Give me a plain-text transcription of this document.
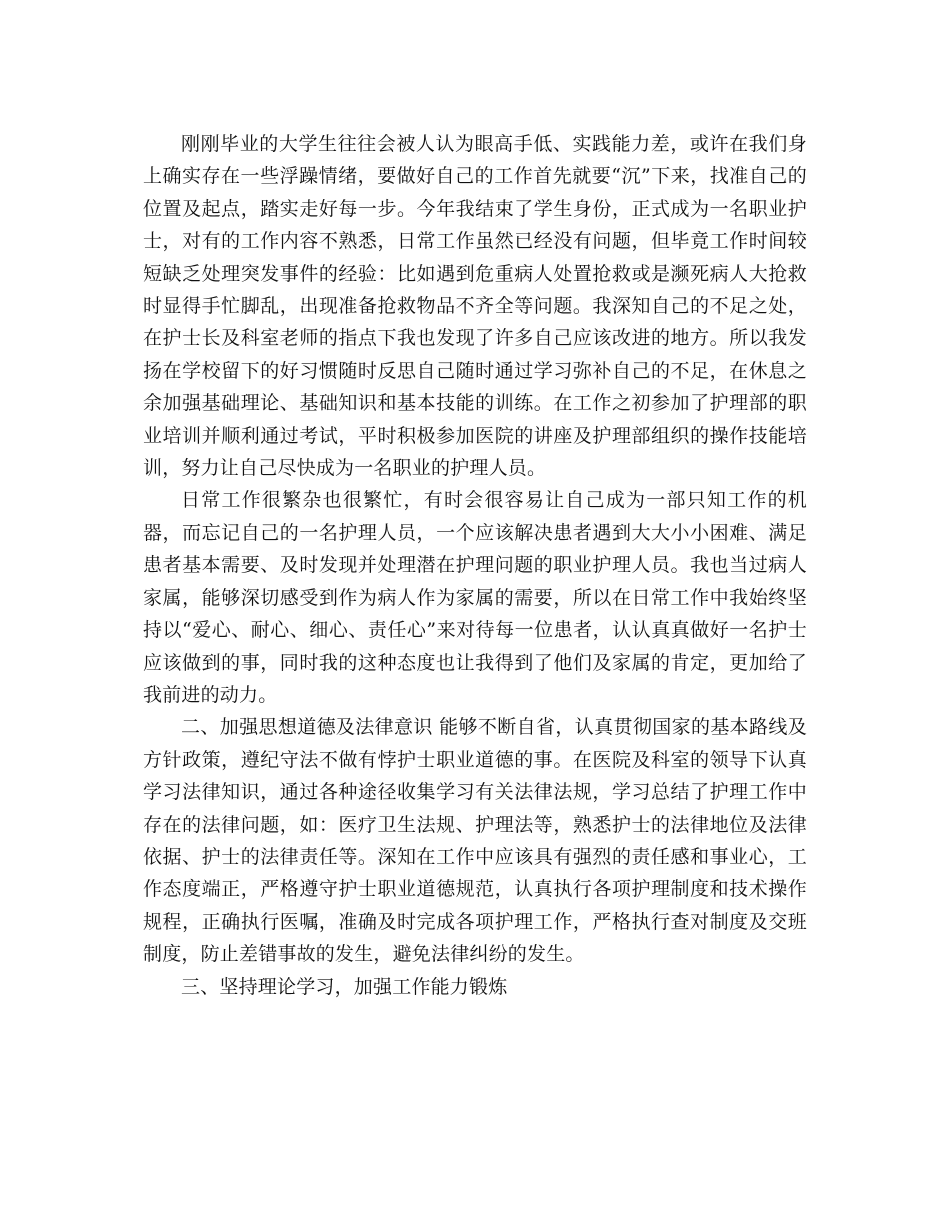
刚刚毕业的大学生往往会被人认为眼高手低、实践能力差，或许在我们身上确实存在一些浮躁情绪，要做好自己的工作首先就要“沉”下来，找准自己的位置及起点，踏实走好每一步。今年我结束了学生身份，正式成为一名职业护士，对有的工作内容不熟悉，日常工作虽然已经没有问题，但毕竟工作时间较短缺乏处理突发事件的经验：比如遇到危重病人处置抢救或是濒死病人大抢救时显得手忙脚乱，出现准备抢救物品不齐全等问题。我深知自己的不足之处，在护士长及科室老师的指点下我也发现了许多自己应该改进的地方。所以我发扬在学校留下的好习惯随时反思自己随时通过学习弥补自己的不足，在休息之余加强基础理论、基础知识和基本技能的训练。在工作之初参加了护理部的职业培训并顺利通过考试，平时积极参加医院的讲座及护理部组织的操作技能培训，努力让自己尽快成为一名职业的护理人员。

日常工作很繁杂也很繁忙，有时会很容易让自己成为一部只知工作的机器，而忘记自己的一名护理人员，一个应该解决患者遇到大大小小困难、满足患者基本需要、及时发现并处理潜在护理问题的职业护理人员。我也当过病人家属，能够深切感受到作为病人作为家属的需要，所以在日常工作中我始终坚持以“爱心、耐心、细心、责任心”来对待每一位患者，认认真真做好一名护士应该做到的事，同时我的这种态度也让我得到了他们及家属的肯定，更加给了我前进的动力。

二、加强思想道德及法律意识 能够不断自省，认真贯彻国家的基本路线及方针政策，遵纪守法不做有悖护士职业道德的事。在医院及科室的领导下认真学习法律知识，通过各种途径收集学习有关法律法规，学习总结了护理工作中存在的法律问题，如：医疗卫生法规、护理法等，熟悉护士的法律地位及法律依据、护士的法律责任等。深知在工作中应该具有强烈的责任感和事业心，工作态度端正，严格遵守护士职业道德规范，认真执行各项护理制度和技术操作规程，正确执行医嘱，准确及时完成各项护理工作，严格执行查对制度及交班制度，防止差错事故的发生，避免法律纠纷的发生。

三、坚持理论学习，加强工作能力锻炼
